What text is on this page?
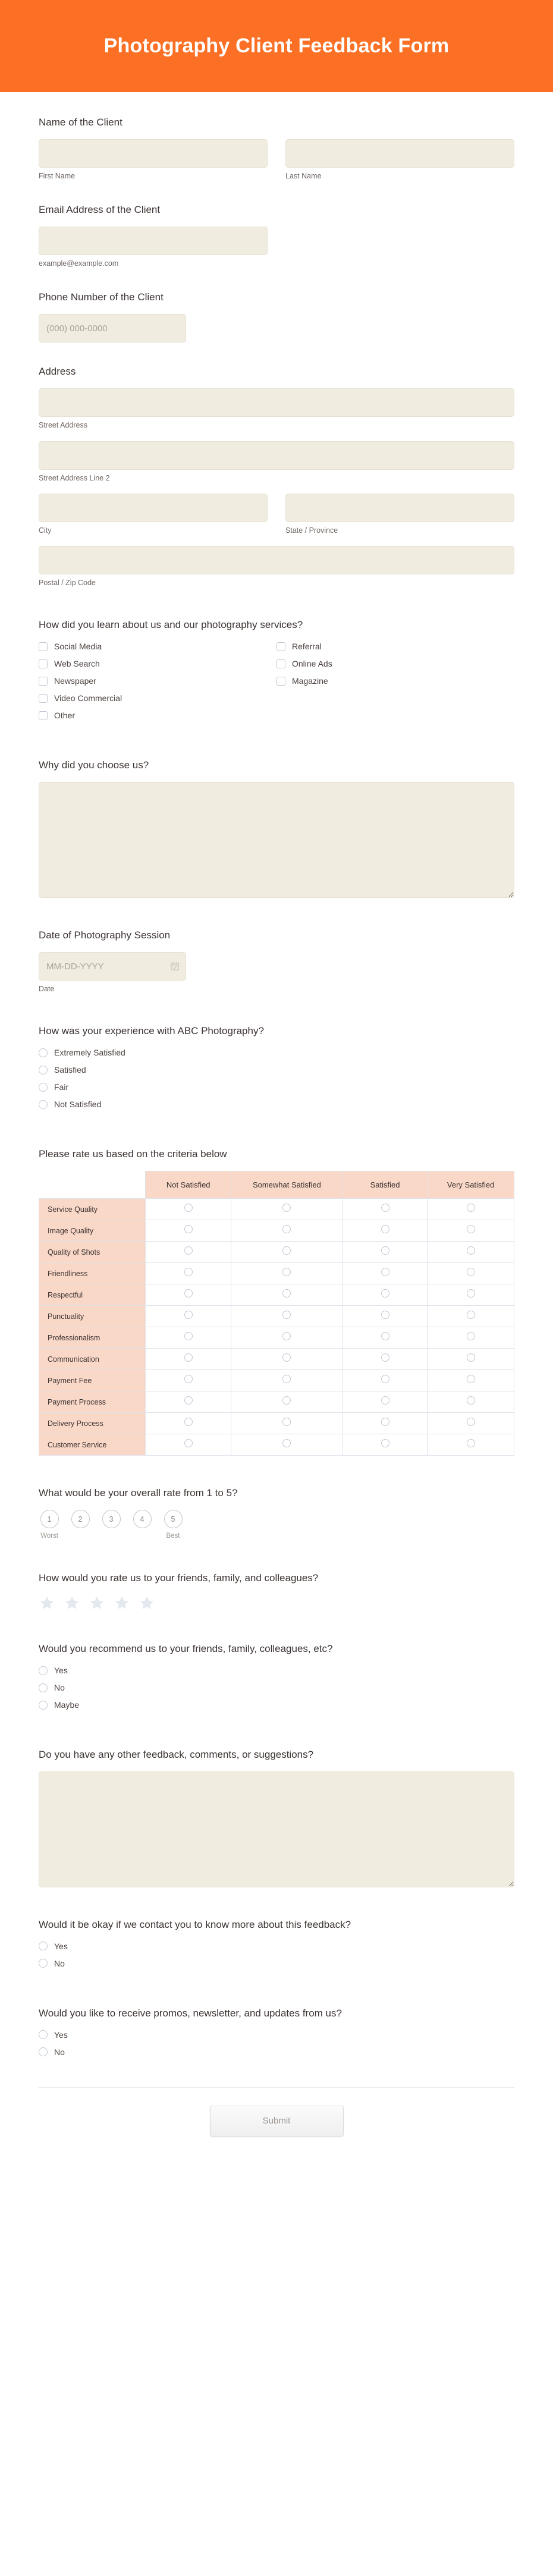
Photography Client Feedback Form
Name of the Client
First Name	Last Name
Email Address of the Client
example@example.com
Phone Number of the Client
(000) 000-0000
Address
Street Address
Street Address Line 2
City	State / Province
Postal / Zip Code
How did you learn about us and our photography services?
Social Media	Referral
Web Search	Online Ads
Newspaper	Magazine
Video Commercial
Other
Why did you choose us?
Date of Photography Session
MM-DD-YYYY
Date
How was your experience with ABC Photography?
Extremely Satisfied
Satisfied
Fair
Not Satisfied
Please rate us based on the criteria below
	Not Satisfied	Somewhat Satisfied	Satisfied	Very Satisfied
Service Quality				
Image Quality				
Quality of Shots				
Friendliness				
Respectful				
Punctuality				
Professionalism				
Communication				
Payment Fee				
Payment Process				
Delivery Process				
Customer Service				
What would be your overall rate from 1 to 5?
1
Worst
2	3	4	5
Best
How would you rate us to your friends, family, and colleagues?
Would you recommend us to your friends, family, colleagues, etc?
Yes
No
Maybe
Do you have any other feedback, comments, or suggestions?
Would it be okay if we contact you to know more about this feedback?
Yes
No
Would you like to receive promos, newsletter, and updates from us?
Yes
No
Submit
